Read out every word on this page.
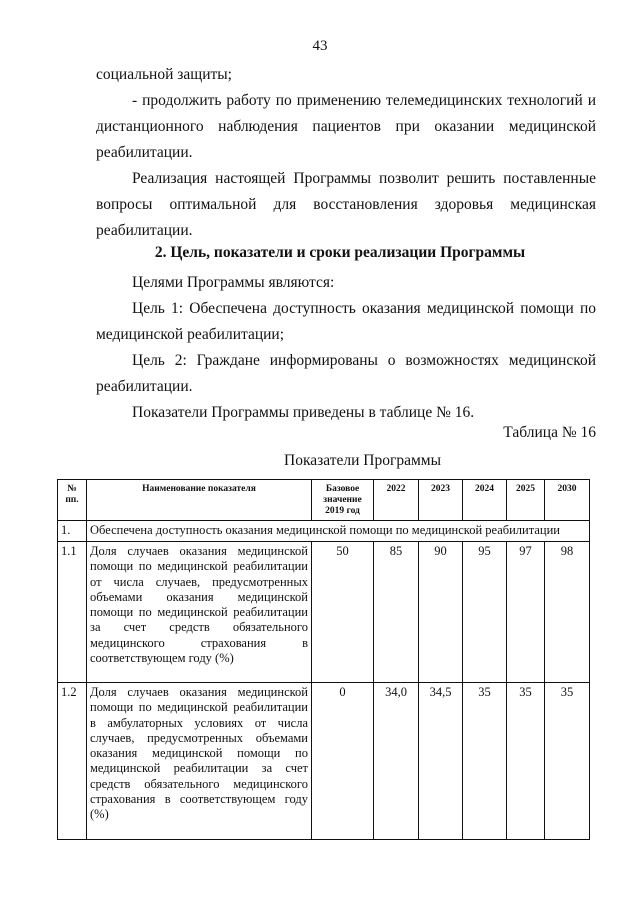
43
социальной защиты;
- продолжить работу по применению телемедицинских технологий и
дистанционного наблюдения пациентов при оказании медицинской
реабилитации.
Реализация настоящей Программы позволит решить поставленные
вопросы оптимальной для восстановления здоровья медицинская
реабилитации.
2. Цель, показатели и сроки реализации Программы
Целями Программы являются:
Цель 1: Обеспечена доступность оказания медицинской помощи по
медицинской реабилитации;
Цель 2: Граждане информированы о возможностях медицинской
реабилитации.
Показатели Программы приведены в таблице № 16.
Таблица № 16
Показатели Программы
№ пп.	Наименование показателя	Базовое значение 2019 год	2022	2023	2024	2025	2030
1.	Обеспечена доступность оказания медицинской помощи по медицинской реабилитации						
1.1	Доля случаев оказания медицинской помощи по медицинской реабилитации от числа случаев, предусмотренных объемами оказания медицинской помощи по медицинской реабилитации за счет средств обязательного медицинского страхования в соответствующем году (%)	50	85	90	95	97	98
1.2	Доля случаев оказания медицинской помощи по медицинской реабилитации в амбулаторных условиях от числа случаев, предусмотренных объемами оказания медицинской помощи по медицинской реабилитации за счет средств обязательного медицинского страхования в соответствующем году (%)	0	34,0	34,5	35	35	35
